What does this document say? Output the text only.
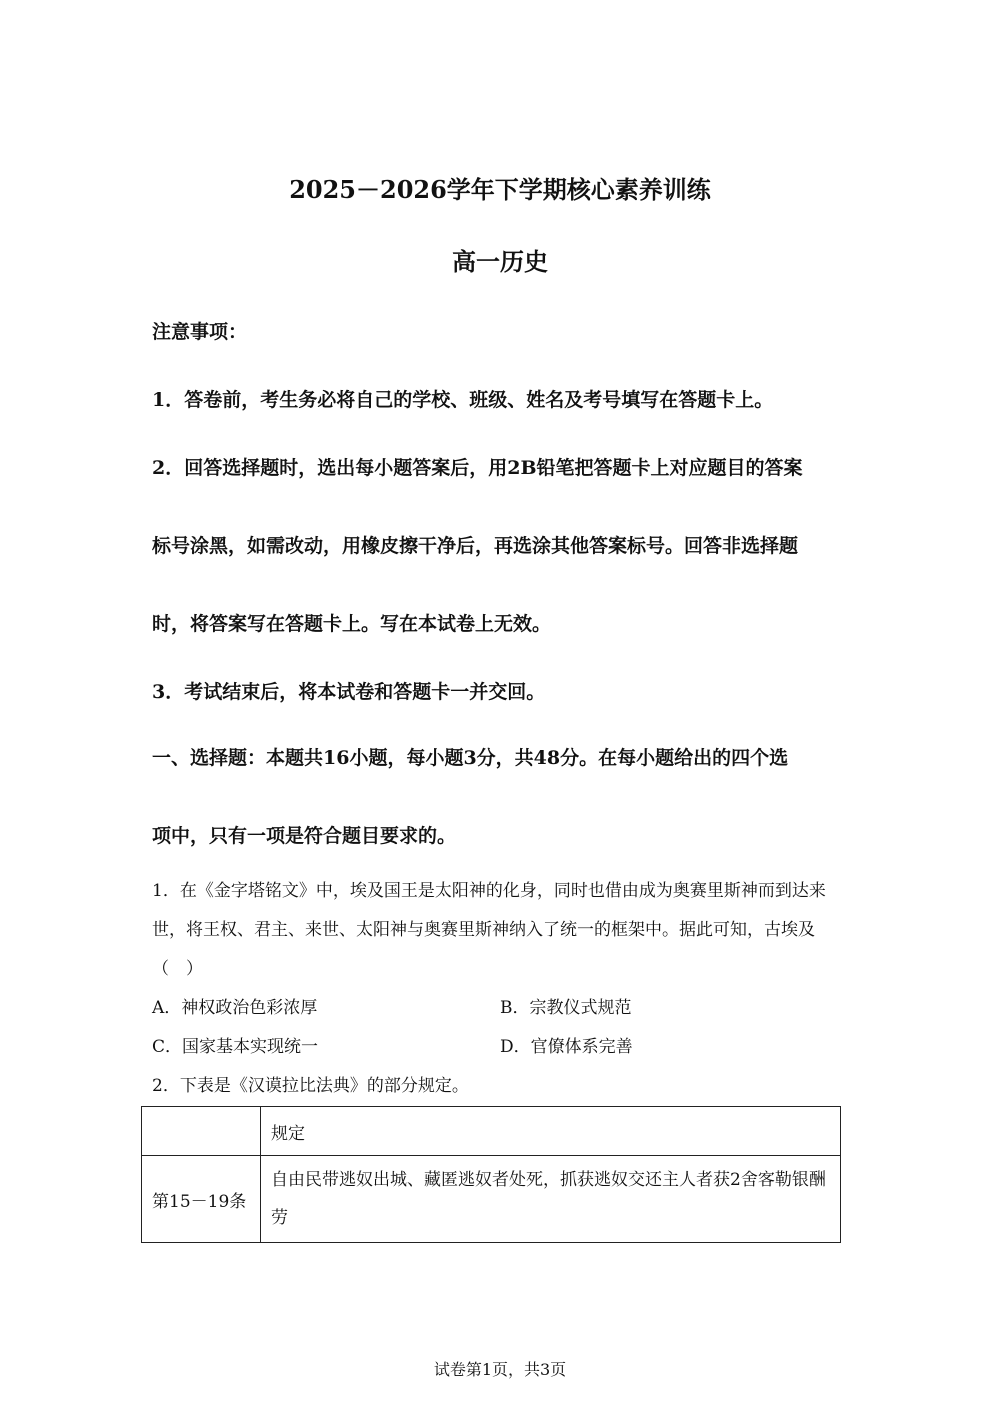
2025－2026学年下学期核心素养训练
高一历史
注意事项：
1．答卷前，考生务必将自己的学校、班级、姓名及考号填写在答题卡上。
2．回答选择题时，选出每小题答案后，用2B铅笔把答题卡上对应题目的答案
标号涂黑，如需改动，用橡皮擦干净后，再选涂其他答案标号。回答非选择题
时，将答案写在答题卡上。写在本试卷上无效。
3．考试结束后，将本试卷和答题卡一并交回。
一、选择题：本题共16小题，每小题3分，共48分。在每小题给出的四个选
项中，只有一项是符合题目要求的。
1．在《金字塔铭文》中，埃及国王是太阳神的化身，同时也借由成为奥赛里斯神而到达来
世，将王权、君主、来世、太阳神与奥赛里斯神纳入了统一的框架中。据此可知，古埃及
（　）
A．神权政治色彩浓厚	B．宗教仪式规范
C．国家基本实现统一	D．官僚体系完善
2．下表是《汉谟拉比法典》的部分规定。
	规定
第15－19条	自由民带逃奴出城、藏匿逃奴者处死，抓获逃奴交还主人者获2舍客勒银酬劳
试卷第1页，共3页
